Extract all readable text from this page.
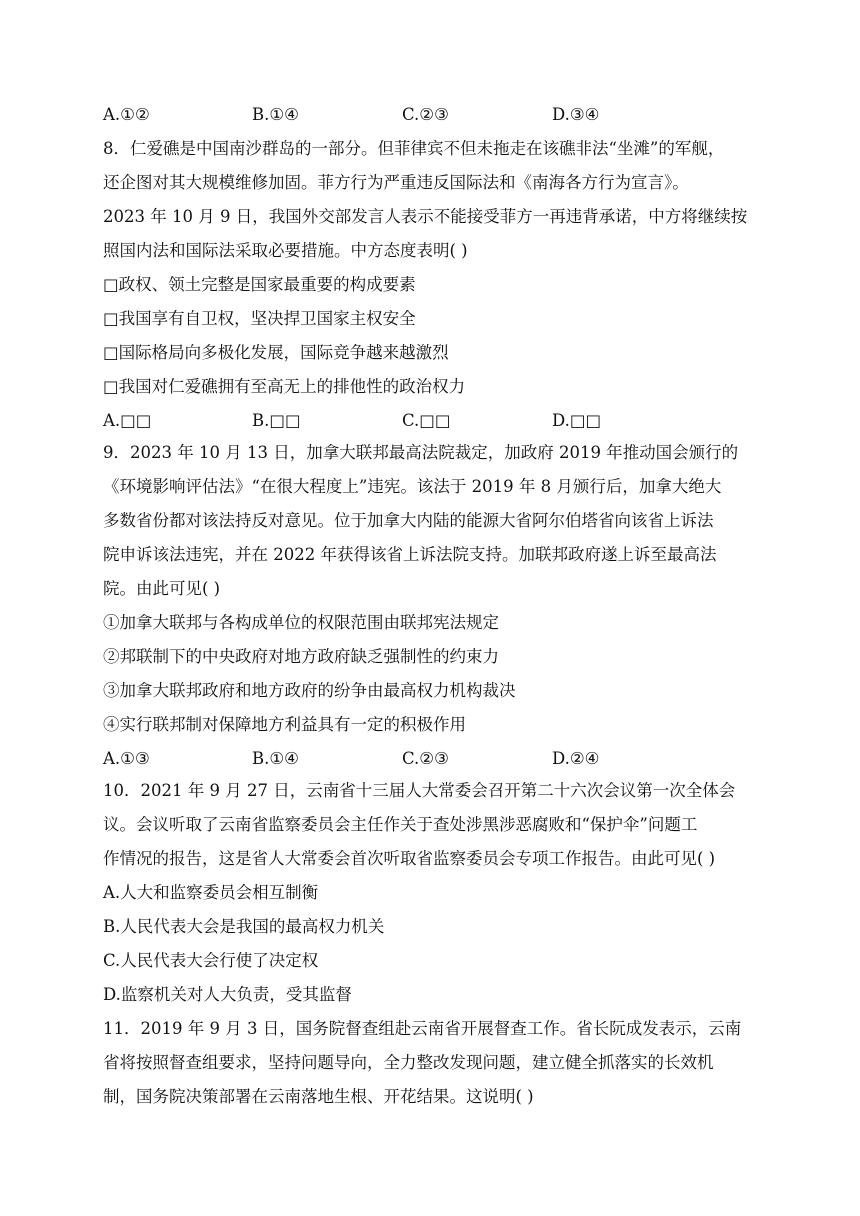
A.①②	B.①④	C.②③	D.③④
8．仁爱礁是中国南沙群岛的一部分。但菲律宾不但未拖走在该礁非法“坐滩”的军舰，
还企图对其大规模维修加固。菲方行为严重违反国际法和《南海各方行为宣言》。
2023 年 10 月 9 日，我国外交部发言人表示不能接受菲方一再违背承诺，中方将继续按
照国内法和国际法采取必要措施。中方态度表明( )
□政权、领土完整是国家最重要的构成要素
□我国享有自卫权，坚决捍卫国家主权安全
□国际格局向多极化发展，国际竞争越来越激烈
□我国对仁爱礁拥有至高无上的排他性的政治权力
A.□□	B.□□	C.□□	D.□□
9．2023 年 10 月 13 日，加拿大联邦最高法院裁定，加政府 2019 年推动国会颁行的
《环境影响评估法》“在很大程度上”违宪。该法于 2019 年 8 月颁行后，加拿大绝大
多数省份都对该法持反对意见。位于加拿大内陆的能源大省阿尔伯塔省向该省上诉法
院申诉该法违宪，并在 2022 年获得该省上诉法院支持。加联邦政府遂上诉至最高法
院。由此可见( )
①加拿大联邦与各构成单位的权限范围由联邦宪法规定
②邦联制下的中央政府对地方政府缺乏强制性的约束力
③加拿大联邦政府和地方政府的纷争由最高权力机构裁决
④实行联邦制对保障地方利益具有一定的积极作用
A.①③	B.①④	C.②③	D.②④
10．2021 年 9 月 27 日，云南省十三届人大常委会召开第二十六次会议第一次全体会
议。会议听取了云南省监察委员会主任作关于查处涉黑涉恶腐败和“保护伞”问题工
作情况的报告，这是省人大常委会首次听取省监察委员会专项工作报告。由此可见( )
A.人大和监察委员会相互制衡
B.人民代表大会是我国的最高权力机关
C.人民代表大会行使了决定权
D.监察机关对人大负责，受其监督
11．2019 年 9 月 3 日，国务院督查组赴云南省开展督查工作。省长阮成发表示，云南
省将按照督查组要求，坚持问题导向，全力整改发现问题，建立健全抓落实的长效机
制，国务院决策部署在云南落地生根、开花结果。这说明( )
